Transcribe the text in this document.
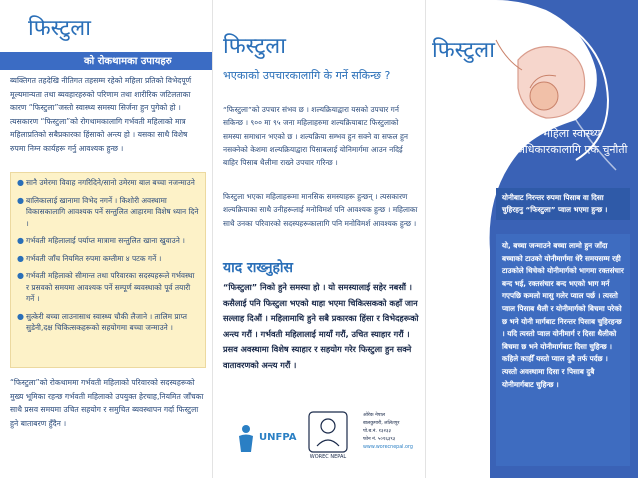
फिस्टुला
को रोकथामका उपायहरु

ब्यक्तिगत तहदेखि नीतिगत तहसम्म रहेको महिला प्रतिको विभेदपूर्ण मूल्यमान्यता तथा ब्यवहारहरुको परिणाम तथा शारीरिक जटिलताका कारण “फिस्टुला”जस्तो स्वास्थ्य समस्या सिर्जना हुन पुगेको हो । त्यसकारण “फिस्टुला”को रोगथामकालागि गर्भवती महिलाको मात्र महिलाप्रतिको सबैप्रकारका हिंसाको अन्त्य हो । यसका साथै विशेष रुपमा निम्न कार्यहरू गर्नु आवश्यक हुन्छ ।

● सानै उमेरमा विवाह नगरिदिने/सानो उमेरमा बाल बच्चा नजन्माउने
● बालिकालाई खानामा विभेद नगर्ने । किशोरी अवस्थामा विकासकालागि आवश्यक पर्ने सन्तुलित आहारमा विशेष ध्यान दिने ।
● गर्भवती महिलालाई पर्याप्त मात्रामा सन्तुलित खाना खुवाउने ।
● गर्भवती जाँच नियमित रुपमा कम्तीमा ४ पटक गर्ने ।
● गर्भवती महिलाको सीमान्त तथा परिवारका सदस्यहरूले गर्भवस्था र प्रसवको समयमा आवश्यक पर्ने सम्पूर्ण ब्यवस्थाको पूर्व तयारी गर्ने ।
● सुत्केरी बच्चा लाउनासाथ स्वास्थ्य चौकी लैजाने । तालिम प्राप्त सुडेनी,दक्ष चिकित्सकहरूको सहयोगमा बच्चा जन्माउने ।

“फिस्टुला”को रोकथाममा गर्भवती महिलाको परिवारको सदस्यहरूको मुख्य भूमिका रहन्छ गर्भवती महिलाको उपयुक्त हेरचाह,नियमित जाँचका साथै प्रसव समयमा उचित सहयोग र समुचित ब्यवस्थापन गर्दा फिस्टुला हुने बाताबरण हुँदैन ।

फिस्टुला
भएकाको उपचारकालागि के गर्ने सकिन्छ ?

“फिस्टुला”को उपचार संभव छ । शल्यक्रियाद्वारा यसको उपचार गर्न सकिन्छ । ९०० मा ९५ जना महिलाहरुमा शल्यक्रियाबाट फिस्टुलाको समस्या समाधान भएको छ । शल्यक्रिया सम्भव हुन सक्ने वा सफल हुन नसक्नेको केशमा शल्यक्रियाद्वारा पिसाबलाई योनिमार्गमा आउन नदिई बाहिर पिसाब थैलीमा राख्ने उपचार गरिन्छ ।

फिस्टुला भएका महिलाहरूमा मानसिक समस्याहरू हुन्छन् । त्यसकारण शल्यक्रियाका साथै उनीहरूलाई मनोविमर्श पनि आवश्यक हुन्छ । महिलाका साथै उनका परिवारको सदस्यहरूकालागि पनि मनोविमर्श आवश्यक हुन्छ ।

याद राख्नुहोस

“फिस्टुला” निको हुने समस्या हो । यो समस्यालाई सहेर नबसौं । कसैलाई पनि फिस्टुला भएको थाहा भएमा चिकित्सकको कहाँ जान सल्लाह दिऔं । महिलामाथि हुने सबै प्रकारका हिंसा र विभेदहरूको अन्त्य गरौं । गर्भवती महिलालाई मायाँ गरौं, उचित स्याहार गरौं । प्रसव अवस्थामा विशेष स्याहार र सहयोग गरेर फिस्टुला हुन सक्ने वातावरणको अन्त्य गरौं ।

UNFPA
WOREC NEPAL
ओरेक नेपाल
बालकुमारी, ललितपुर
पो.ब.नं. १३२३३
फोन नं. ५०१६३९३
www.worecnepal.org
फिस्टुला
महिला स्वास्थ्य अधिकारकालागि एक चुनौती
योनीबाट निरन्तर रुपमा पिसाब वा दिसा चुहिरहनु “फिस्टुला” प्वाल भएमा हुन्छ ।
यो, बच्चा जन्माउने बच्चा लामो हुन जाँदा बच्चाको टाउको योनीमार्गमा धेरै समयसम्म रही टाउकोले थिचेको योनीमार्गको भागमा रक्तसंचार बन्द भई, रक्तसंचार बन्द भएको भाग मर्न गएपछि कमलो मासु गलेर प्वाल पर्छ । त्यस्तो प्वाल पिसाब थैली र योनीमार्गको बिचमा परेको छ भने योनी मार्गबाट निरन्तर पिसाब चुहिरहन्छ । यदि त्यस्तो प्वाल योनीमार्ग र दिसा थैलीको बिचमा छ भने योनीमार्गबाट दिसा चुहिन्छ । कहिले काहीँ यस्तो प्वाल दुबै तर्फ पर्दछ । त्यस्तो अवस्थामा दिसा र पिसाब दुबै योनीमार्गबाट चुहिन्छ ।
